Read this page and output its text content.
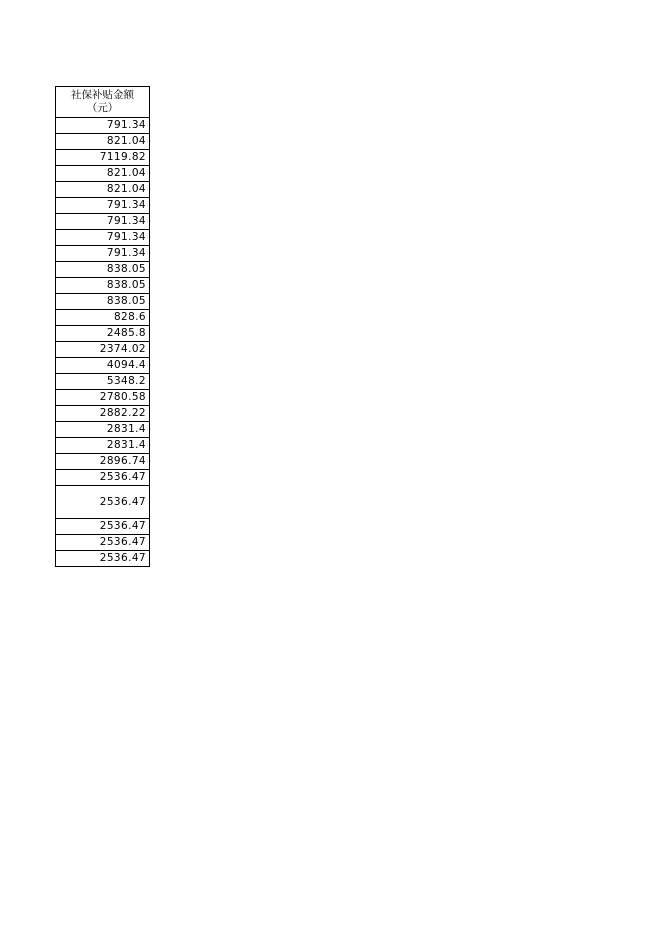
社保补贴金额（元）
791.34
821.04
7119.82
821.04
821.04
791.34
791.34
791.34
791.34
838.05
838.05
838.05
828.6
2485.8
2374.02
4094.4
5348.2
2780.58
2882.22
2831.4
2831.4
2896.74
2536.47
2536.47
2536.47
2536.47
2536.47
